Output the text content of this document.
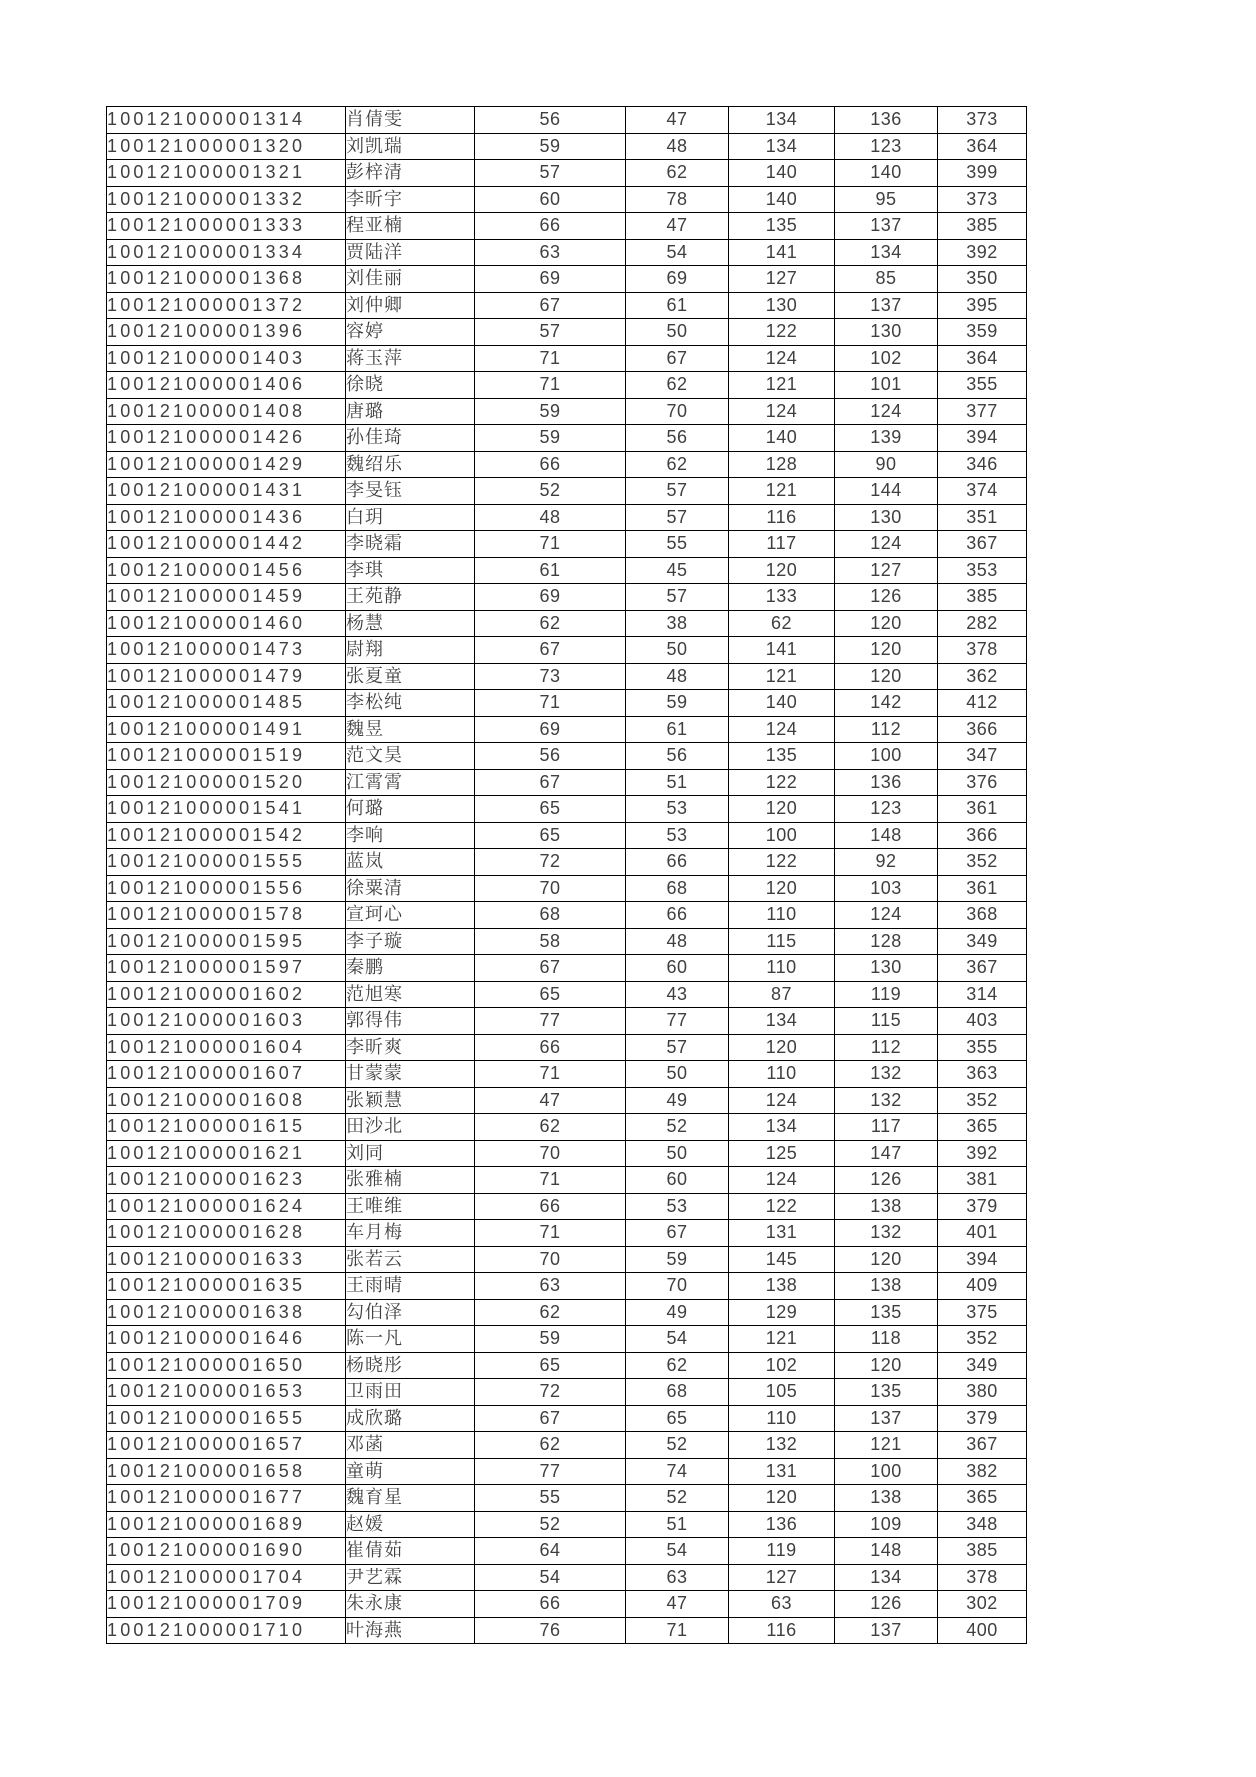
100121000001314	肖倩雯	56	47	134	136	373
100121000001320	刘凯瑞	59	48	134	123	364
100121000001321	彭梓清	57	62	140	140	399
100121000001332	李昕宇	60	78	140	95	373
100121000001333	程亚楠	66	47	135	137	385
100121000001334	贾陆洋	63	54	141	134	392
100121000001368	刘佳丽	69	69	127	85	350
100121000001372	刘仲卿	67	61	130	137	395
100121000001396	容婷	57	50	122	130	359
100121000001403	蒋玉萍	71	67	124	102	364
100121000001406	徐晓	71	62	121	101	355
100121000001408	唐璐	59	70	124	124	377
100121000001426	孙佳琦	59	56	140	139	394
100121000001429	魏绍乐	66	62	128	90	346
100121000001431	李旻钰	52	57	121	144	374
100121000001436	白玥	48	57	116	130	351
100121000001442	李晓霜	71	55	117	124	367
100121000001456	李琪	61	45	120	127	353
100121000001459	王苑静	69	57	133	126	385
100121000001460	杨慧	62	38	62	120	282
100121000001473	尉翔	67	50	141	120	378
100121000001479	张夏童	73	48	121	120	362
100121000001485	李松纯	71	59	140	142	412
100121000001491	魏昱	69	61	124	112	366
100121000001519	范文昊	56	56	135	100	347
100121000001520	江霄霄	67	51	122	136	376
100121000001541	何璐	65	53	120	123	361
100121000001542	李响	65	53	100	148	366
100121000001555	蓝岚	72	66	122	92	352
100121000001556	徐粟清	70	68	120	103	361
100121000001578	宣珂心	68	66	110	124	368
100121000001595	李子璇	58	48	115	128	349
100121000001597	秦鹏	67	60	110	130	367
100121000001602	范旭寒	65	43	87	119	314
100121000001603	郭得伟	77	77	134	115	403
100121000001604	李昕爽	66	57	120	112	355
100121000001607	甘蒙蒙	71	50	110	132	363
100121000001608	张颖慧	47	49	124	132	352
100121000001615	田沙北	62	52	134	117	365
100121000001621	刘同	70	50	125	147	392
100121000001623	张雅楠	71	60	124	126	381
100121000001624	王唯维	66	53	122	138	379
100121000001628	车月梅	71	67	131	132	401
100121000001633	张若云	70	59	145	120	394
100121000001635	王雨晴	63	70	138	138	409
100121000001638	勾伯泽	62	49	129	135	375
100121000001646	陈一凡	59	54	121	118	352
100121000001650	杨晓彤	65	62	102	120	349
100121000001653	卫雨田	72	68	105	135	380
100121000001655	成欣璐	67	65	110	137	379
100121000001657	邓菡	62	52	132	121	367
100121000001658	童萌	77	74	131	100	382
100121000001677	魏育星	55	52	120	138	365
100121000001689	赵媛	52	51	136	109	348
100121000001690	崔倩茹	64	54	119	148	385
100121000001704	尹艺霖	54	63	127	134	378
100121000001709	朱永康	66	47	63	126	302
100121000001710	叶海燕	76	71	116	137	400
